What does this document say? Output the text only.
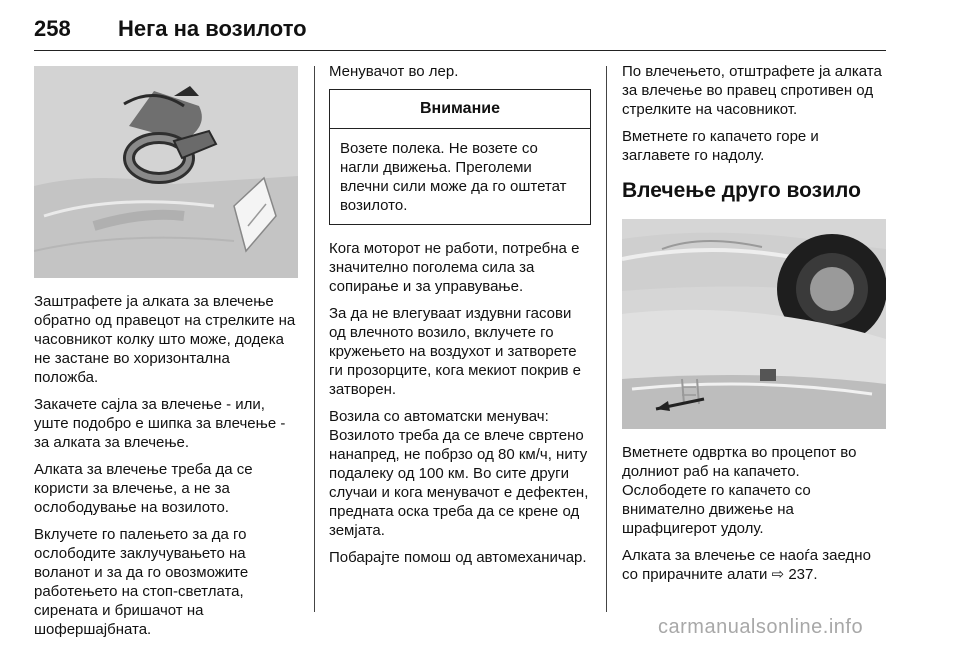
258 Нега на возилото

Заштрафете ја алката за влечење обратно од правецот на стрелките на часовникот колку што може, додека не застане во хоризонтална положба.

Закачете сајла за влечење - или, уште подобро е шипка за влечење - за алката за влечење.

Алката за влечење треба да се користи за влечење, а не за ослободување на возилото.

Вклучете го палењето за да го ослободите заклучувањето на воланот и за да го овозможите работењето на стоп-светлата, сирената и бришачот на шофершајбната.

Менувачот во лер.

Внимание
Возете полека. Не возете со нагли движења. Преголеми влечни сили може да го оштетат возилото.

Кога моторот не работи, потребна е значително поголема сила за сопирање и за управување.

За да не влегуваат издувни гасови од влечното возило, вклучете го кружењето на воздухот и затворете ги прозорците, кога мекиот покрив е затворен.

Возила со автоматски менувач: Возилото треба да се влече свртено нанапред, не побрзо од 80 км/ч, ниту подалеку од 100 км. Во сите други случаи и кога менувачот е дефектен, предната оска треба да се крене од земјата.

Побарајте помош од автомеханичар.

По влечењето, отштрафете ја алката за влечење во правец спротивен од стрелките на часовникот.

Вметнете го капачето горе и заглавете го надолу.

Влечење друго возило

Вметнете одвртка во процепот во долниот раб на капачето. Ослободете го капачето со внимателно движење на шрафцигерот удолу.

Алката за влечење се наоѓа заедно со прирачните алати ⇨ 237.

carmanualsonline.info
